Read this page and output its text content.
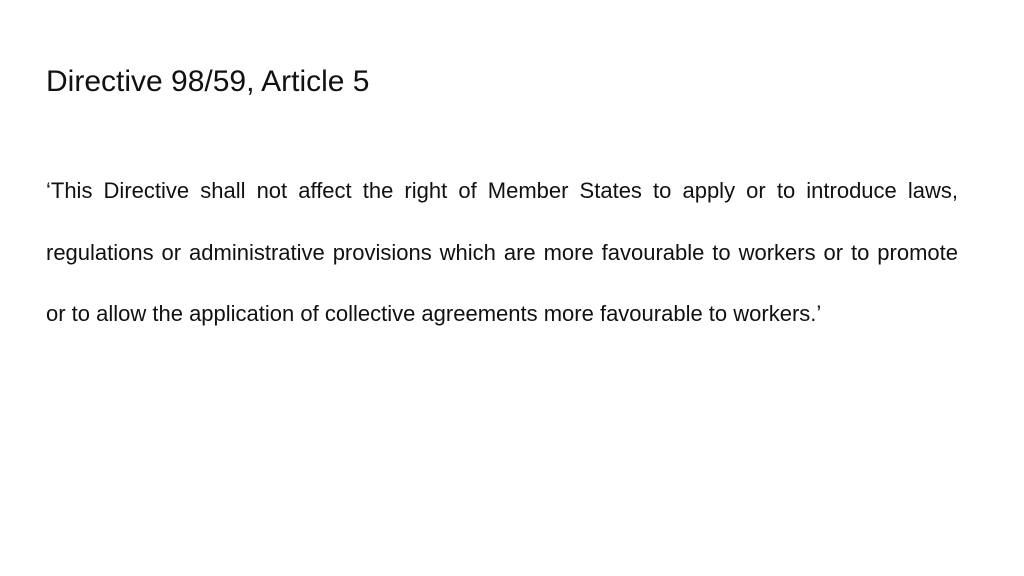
Directive 98/59, Article 5

‘This Directive shall not affect the right of Member States to apply or to introduce laws, regulations or administrative provisions which are more favourable to workers or to promote or to allow the application of collective agreements more favourable to workers.’
